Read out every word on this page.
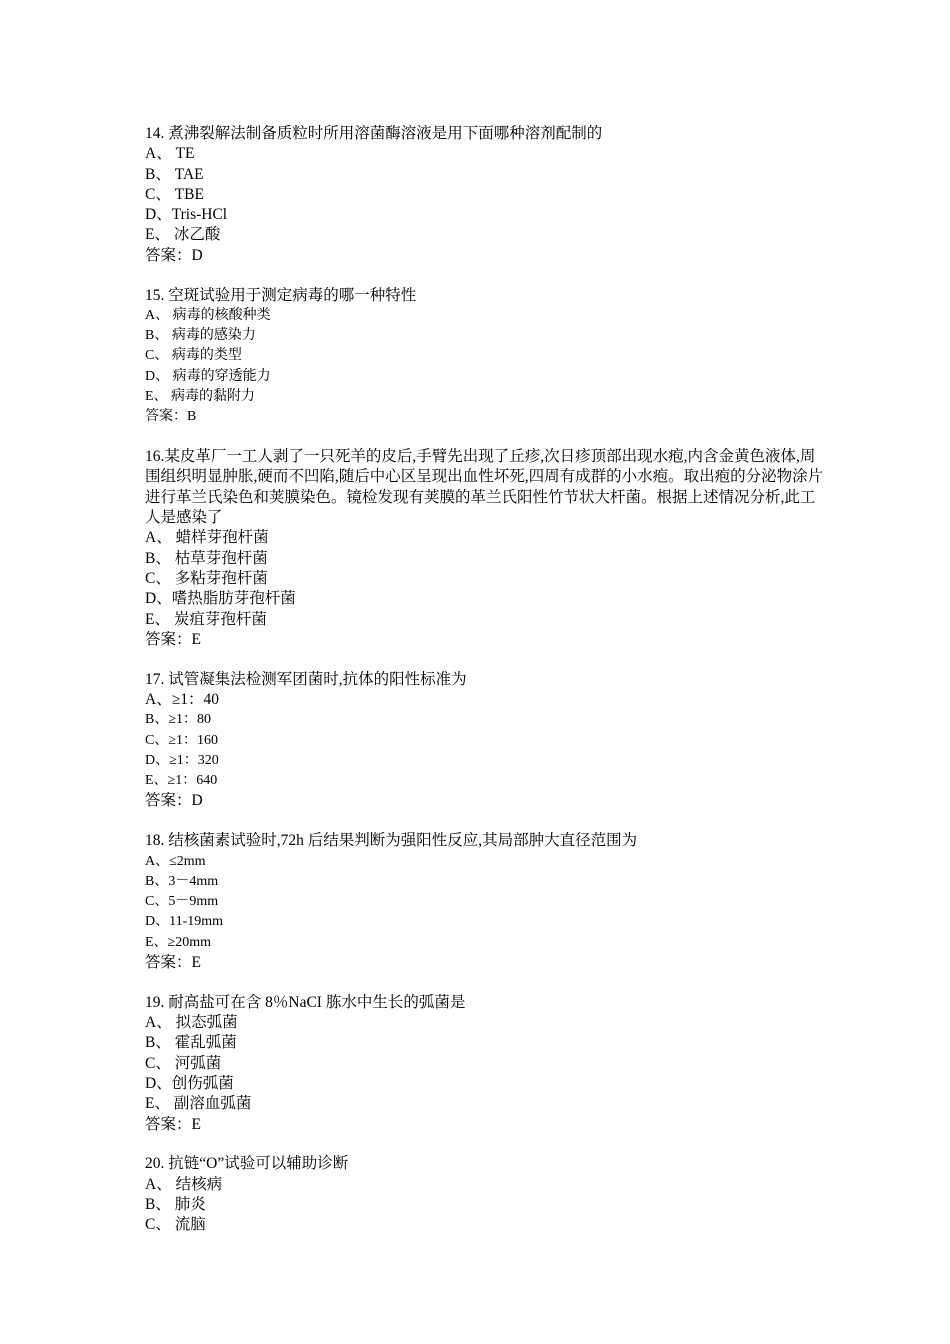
14. 煮沸裂解法制备质粒时所用溶菌酶溶液是用下面哪种溶剂配制的
A、 TE
B、 TAE
C、 TBE
D、Tris-HCl
E、 冰乙酸
答案：D
15. 空斑试验用于测定病毒的哪一种特性
A、 病毒的核酸种类
B、 病毒的感染力
C、 病毒的类型
D、 病毒的穿透能力
E、 病毒的黏附力
答案：B
16.某皮革厂一工人剥了一只死羊的皮后,手臂先出现了丘疹,次日疹顶部出现水疱,内含金黄色液体,周围组织明显肿胀,硬而不凹陷,随后中心区呈现出血性坏死,四周有成群的小水疱。取出疱的分泌物涂片进行革兰氏染色和荚膜染色。镜检发现有荚膜的革兰氏阳性竹节状大杆菌。根据上述情况分析,此工人是感染了
A、 蜡样芽孢杆菌
B、 枯草芽孢杆菌
C、 多粘芽孢杆菌
D、嗜热脂肪芽孢杆菌
E、 炭疽芽孢杆菌
答案：E
17. 试管凝集法检测军团菌时,抗体的阳性标准为
A、≥1：40
B、≥1：80
C、≥1：160
D、≥1：320
E、≥1：640
答案：D
18. 结核菌素试验时,72h 后结果判断为强阳性反应,其局部肿大直径范围为
A、≤2mm
B、3－4mm
C、5－9mm
D、11-19mm
E、≥20mm
答案：E
19. 耐高盐可在含 8％NaCI 胨水中生长的弧菌是
A、 拟态弧菌
B、 霍乱弧菌
C、 河弧菌
D、创伤弧菌
E、 副溶血弧菌
答案：E
20. 抗链“O”试验可以辅助诊断
A、 结核病
B、 肺炎
C、 流脑
